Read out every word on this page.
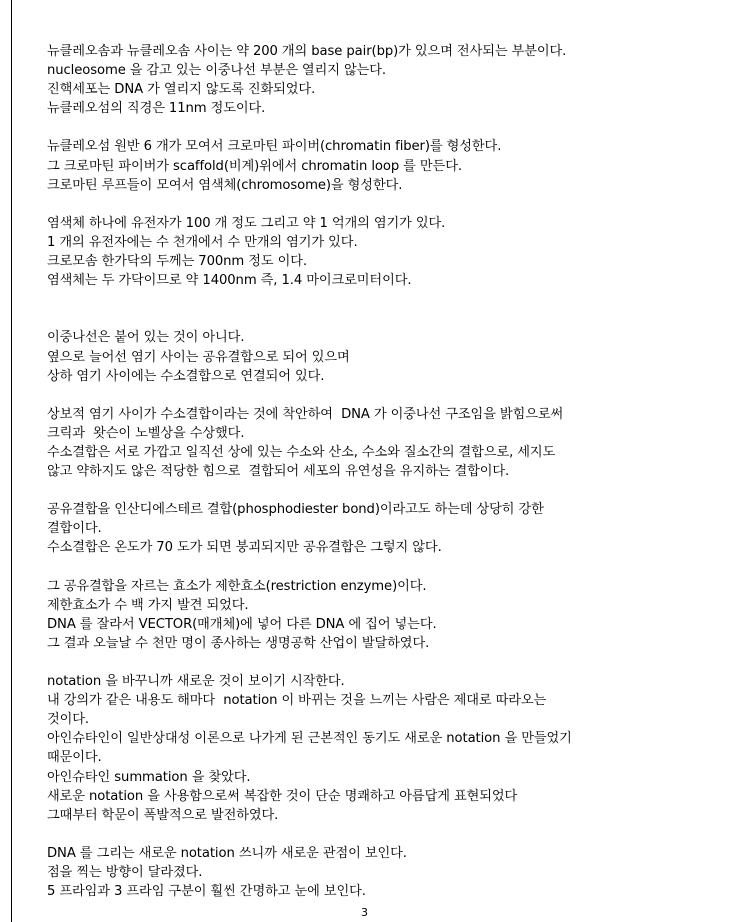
뉴클레오솜과 뉴클레오솜 사이는 약 200 개의 base pair(bp)가 있으며 전사되는 부분이다.
nucleosome 을 감고 있는 이중나선 부분은 열리지 않는다.
진핵세포는 DNA 가 열리지 않도록 진화되었다.
뉴클레오섬의 직경은 11nm 정도이다.
뉴클레오섬 원반 6 개가 모여서 크로마틴 파이버(chromatin fiber)를 형성한다.
그 크로마틴 파이버가 scaffold(비계)위에서 chromatin loop 를 만든다.
크로마틴 루프들이 모여서 염색체(chromosome)을 형성한다.
염색체 하나에 유전자가 100 개 정도 그리고 약 1 억개의 염기가 있다.
1 개의 유전자에는 수 천개에서 수 만개의 염기가 있다.
크로모솜 한가닥의 두께는 700nm 정도 이다.
염색체는 두 가닥이므로 약 1400nm 즉, 1.4 마이크로미터이다.
이중나선은 붙어 있는 것이 아니다.
옆으로 늘어선 염기 사이는 공유결합으로 되어 있으며
상하 염기 사이에는 수소결합으로 연결되어 있다.
상보적 염기 사이가 수소결합이라는 것에 착안하여  DNA 가 이중나선 구조임을 밝힘으로써
크릭과  왓슨이 노벨상을 수상했다.
수소결합은 서로 가깝고 일직선 상에 있는 수소와 산소, 수소와 질소간의 결합으로, 세지도
않고 약하지도 않은 적당한 힘으로  결합되어 세포의 유연성을 유지하는 결합이다.
공유결합을 인산디에스테르 결합(phosphodiester bond)이라고도 하는데 상당히 강한
결합이다.
수소결합은 온도가 70 도가 되면 붕괴되지만 공유결합은 그렇지 않다.
그 공유결합을 자르는 효소가 제한효소(restriction enzyme)이다.
제한효소가 수 백 가지 발견 되었다.
DNA 를 잘라서 VECTOR(매개체)에 넣어 다른 DNA 에 집어 넣는다.
그 결과 오늘날 수 천만 명이 종사하는 생명공학 산업이 발달하였다.
notation 을 바꾸니까 새로운 것이 보이기 시작한다.
내 강의가 같은 내용도 해마다  notation 이 바뀌는 것을 느끼는 사람은 제대로 따라오는
것이다.
아인슈타인이 일반상대성 이론으로 나가게 된 근본적인 동기도 새로운 notation 을 만들었기
때문이다.
아인슈타인 summation 을 찾았다.
새로운 notation 을 사용함으로써 복잡한 것이 단순 명쾌하고 아름답게 표현되었다
그때부터 학문이 폭발적으로 발전하였다.
DNA 를 그리는 새로운 notation 쓰니까 새로운 관점이 보인다.
점을 찍는 방향이 달라졌다.
5 프라임과 3 프라임 구분이 훨씬 간명하고 눈에 보인다.
3
